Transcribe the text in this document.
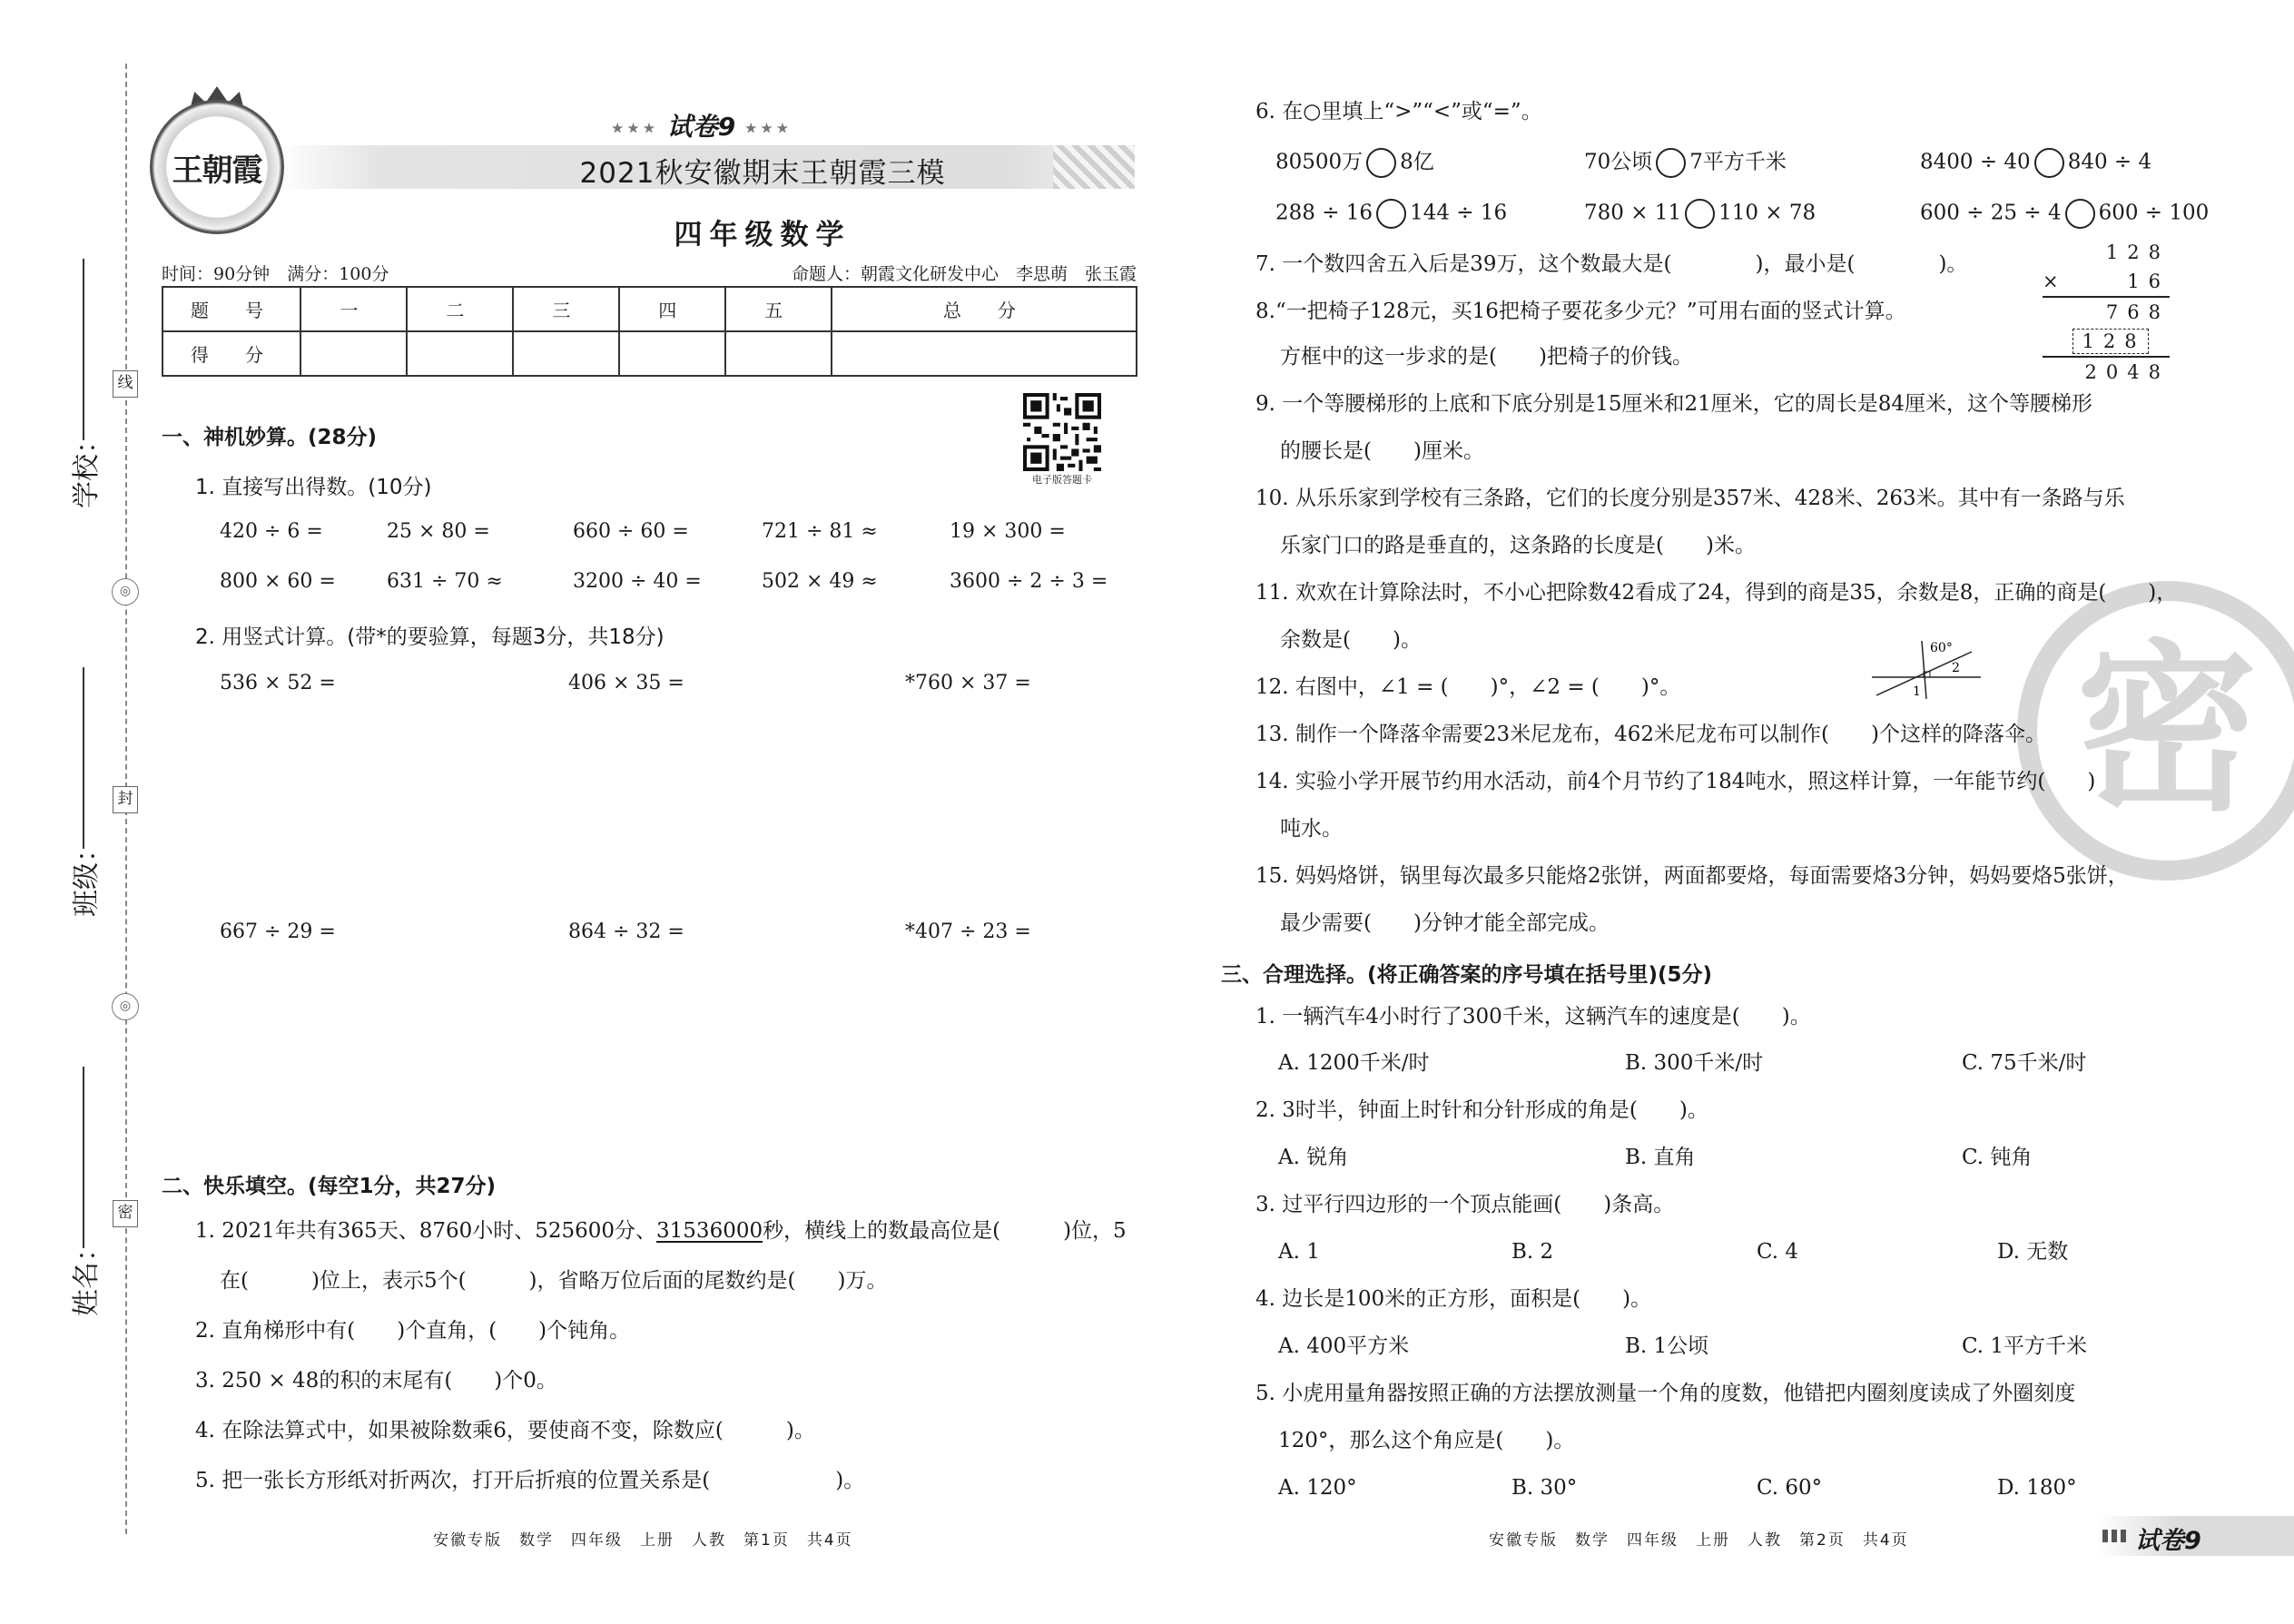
线
◎
封
◎
密
学校：
班级：
姓名：
王朝霞
★★★ 试卷9 ★★★
2021秋安徽期末王朝霞三模
四年级数学
时间：90分钟　 满分：100分	命题人：朝霞文化研发中心　李思萌　张玉霞
题　号	一	二	三	四	五	总　分
得　分						
电子版答题卡
一、神机妙算。(28分)
1. 直接写出得数。(10分)
420 ÷ 6 =	25 × 80 =	660 ÷ 60 =	721 ÷ 81 ≈	19 × 300 =
800 × 60 =	631 ÷ 70 ≈	3200 ÷ 40 =	502 × 49 ≈	3600 ÷ 2 ÷ 3 =
2. 用竖式计算。(带*的要验算，每题3分，共18分)
536 × 52 =	406 × 35 =	*760 × 37 =
667 ÷ 29 =	864 ÷ 32 =	*407 ÷ 23 =
二、快乐填空。(每空1分，共27分)
1. 2021年共有365天、8760小时、525600分、31536000秒，横线上的数最高位是(　　　)位，5
在(　　　)位上，表示5个(　　　)，省略万位后面的尾数约是(　　)万。
2. 直角梯形中有(　　)个直角，(　　)个钝角。
3. 250 × 48的积的末尾有(　　)个0。
4. 在除法算式中，如果被除数乘6，要使商不变，除数应(　　　)。
5. 把一张长方形纸对折两次，打开后折痕的位置关系是(　　　　　　)。
安徽专版　数学　四年级　上册　人教　第1页　共4页
密
6. 在○里填上“>”“<”或“=”。
80500万 8亿	70公顷 7平方千米	8400 ÷ 40 840 ÷ 4
288 ÷ 16 144 ÷ 16	780 × 11 110 × 78	600 ÷ 25 ÷ 4 600 ÷ 100
7. 一个数四舍五入后是39万，这个数最大是(　　　　)，最小是(　　　　)。
8.“一把椅子128元，买16把椅子要花多少元？”可用右面的竖式计算。
方框中的这一步求的是(　　)把椅子的价钱。
128
×	16
768
128
2048
9. 一个等腰梯形的上底和下底分别是15厘米和21厘米，它的周长是84厘米，这个等腰梯形
的腰长是(　　)厘米。
10. 从乐乐家到学校有三条路，它们的长度分别是357米、428米、263米。其中有一条路与乐
乐家门口的路是垂直的，这条路的长度是(　　)米。
11. 欢欢在计算除法时，不小心把除数42看成了24，得到的商是35，余数是8，正确的商是(　　)，
余数是(　　)。
12. 右图中，∠1 = (　　)°，∠2 = (　　)°。
60°
1
2
13. 制作一个降落伞需要23米尼龙布，462米尼龙布可以制作(　　)个这样的降落伞。
14. 实验小学开展节约用水活动，前4个月节约了184吨水，照这样计算，一年能节约(　　)
吨水。
15. 妈妈烙饼，锅里每次最多只能烙2张饼，两面都要烙，每面需要烙3分钟，妈妈要烙5张饼，
最少需要(　　)分钟才能全部完成。
三、合理选择。(将正确答案的序号填在括号里)(5分)
1. 一辆汽车4小时行了300千米，这辆汽车的速度是(　　)。
A. 1200千米/时	B. 300千米/时	C. 75千米/时
2. 3时半，钟面上时针和分针形成的角是(　　)。
A. 锐角	B. 直角	C. 钝角
3. 过平行四边形的一个顶点能画(　　)条高。
A. 1	B. 2	C. 4	D. 无数
4. 边长是100米的正方形，面积是(　　)。
A. 400平方米	B. 1公顷	C. 1平方千米
5. 小虎用量角器按照正确的方法摆放测量一个角的度数，他错把内圈刻度读成了外圈刻度
120°，那么这个角应是(　　)。
A. 120°	B. 30°	C. 60°	D. 180°
安徽专版　数学　四年级　上册　人教　第2页　共4页	试卷9
